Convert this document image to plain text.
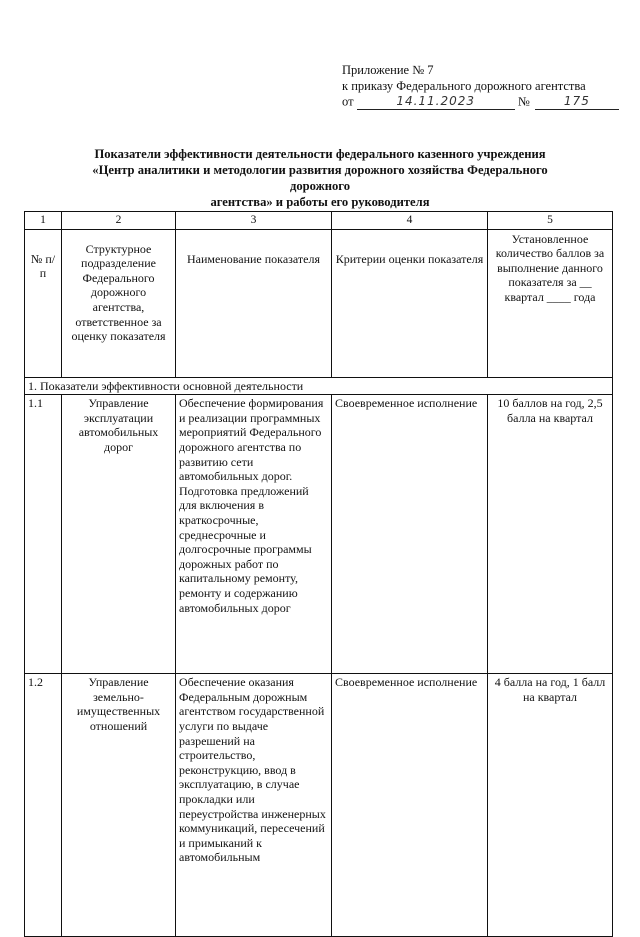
Приложение № 7
к приказу Федерального дорожного агентства
от	14.11.2023	№	175
Показатели эффективности деятельности федерального казенного учреждения
«Центр аналитики и методологии развития дорожного хозяйства Федерального дорожного
агентства» и работы его руководителя
1	2	3	4	5
№ п/п	Структурное подразделение Федерального дорожного агентства, ответственное за оценку показателя	Наименование показателя	Критерии оценки показателя	Установленное количество баллов за выполнение данного показателя за __ квартал ____ года
1. Показатели эффективности основной деятельности				
1.1	Управление эксплуатации автомобильных дорог	Обеспечение формирования и реализации программных мероприятий Федерального дорожного агентства по развитию сети автомобильных дорог. Подготовка предложений для включения в краткосрочные, среднесрочные и долгосрочные программы дорожных работ по капитальному ремонту, ремонту и содержанию автомобильных дорог	Своевременное исполнение	10 баллов на год, 2,5 балла на квартал
1.2	Управление земельно-имущественных отношений	Обеспечение оказания Федеральным дорожным агентством государственной услуги по выдаче разрешений на строительство, реконструкцию, ввод в эксплуатацию, в случае прокладки или переустройства инженерных коммуникаций, пересечений и примыканий к автомобильным	Своевременное исполнение	4 балла на год, 1 балл на квартал
